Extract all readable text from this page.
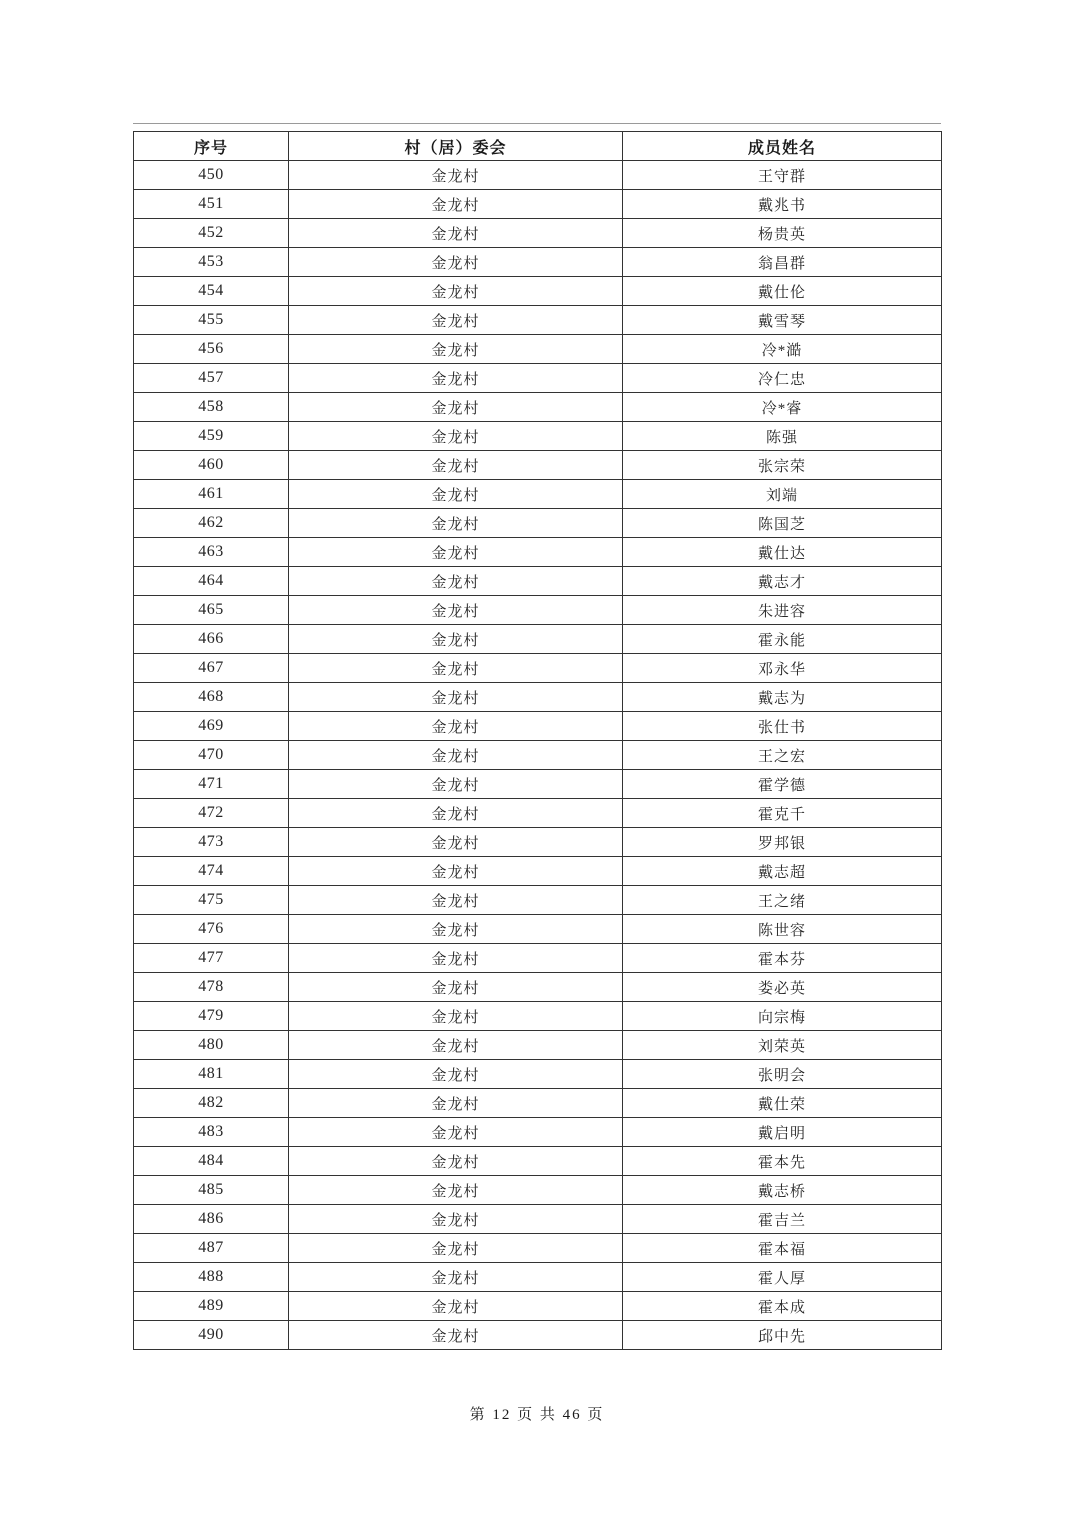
序号	村（居）委会	成员姓名
450	金龙村	王守群
451	金龙村	戴兆书
452	金龙村	杨贵英
453	金龙村	翁昌群
454	金龙村	戴仕伦
455	金龙村	戴雪琴
456	金龙村	冷*澔
457	金龙村	冷仁忠
458	金龙村	冷*睿
459	金龙村	陈强
460	金龙村	张宗荣
461	金龙村	刘端
462	金龙村	陈国芝
463	金龙村	戴仕达
464	金龙村	戴志才
465	金龙村	朱进容
466	金龙村	霍永能
467	金龙村	邓永华
468	金龙村	戴志为
469	金龙村	张仕书
470	金龙村	王之宏
471	金龙村	霍学德
472	金龙村	霍克千
473	金龙村	罗邦银
474	金龙村	戴志超
475	金龙村	王之绪
476	金龙村	陈世容
477	金龙村	霍本芬
478	金龙村	娄必英
479	金龙村	向宗梅
480	金龙村	刘荣英
481	金龙村	张明会
482	金龙村	戴仕荣
483	金龙村	戴启明
484	金龙村	霍本先
485	金龙村	戴志桥
486	金龙村	霍吉兰
487	金龙村	霍本福
488	金龙村	霍人厚
489	金龙村	霍本成
490	金龙村	邱中先
第 12 页 共 46 页
